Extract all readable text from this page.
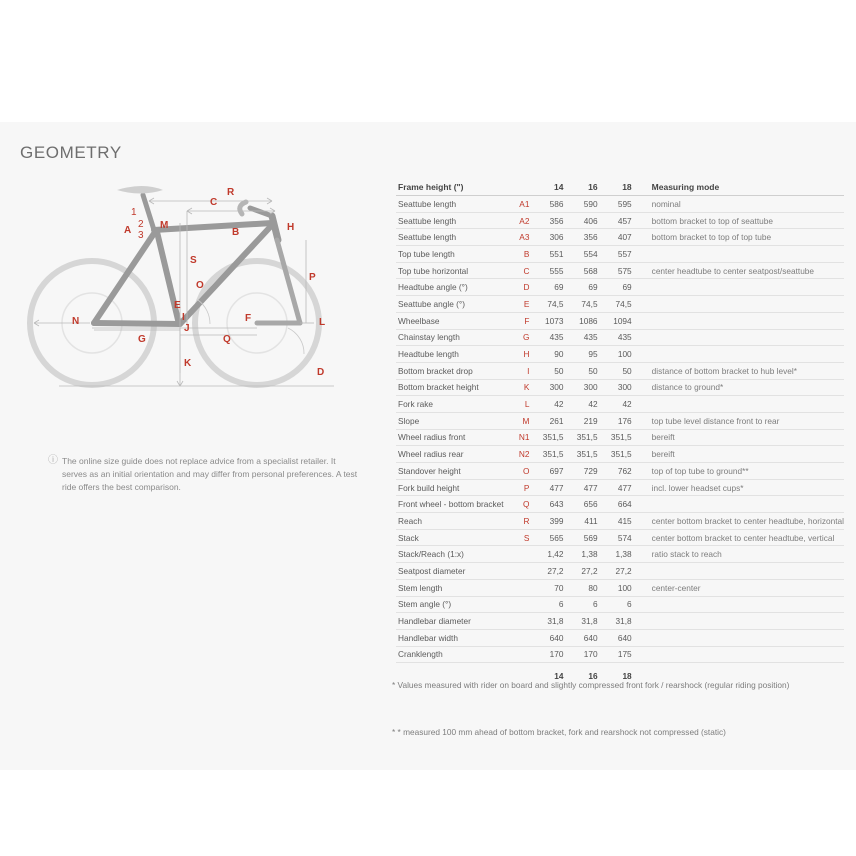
GEOMETRY
1
2
3
A	M
C
R
B	H
S
O
P
E
N
G
I	F
Q
L
K
D
J
ⓘ The online size guide does not replace advice from a specialist retailer. It serves as an initial orientation and may differ from personal preferences. A test ride offers the best comparison.
Frame height (")		14	16	18	Measuring mode
Seattube length	A1	586	590	595	nominal
Seattube length	A2	356	406	457	bottom bracket to top of seattube
Seattube length	A3	306	356	407	bottom bracket to top of top tube
Top tube length	B	551	554	557	
Top tube horizontal	C	555	568	575	center headtube to center seatpost/seattube
Headtube angle (°)	D	69	69	69	
Seattube angle (°)	E	74,5	74,5	74,5	
Wheelbase	F	1073	1086	1094	
Chainstay length	G	435	435	435	
Headtube length	H	90	95	100	
Bottom bracket drop	I	50	50	50	distance of bottom bracket to hub level*
Bottom bracket height	K	300	300	300	distance to ground*
Fork rake	L	42	42	42	
Slope	M	261	219	176	top tube level distance front to rear
Wheel radius front	N1	351,5	351,5	351,5	bereift
Wheel radius rear	N2	351,5	351,5	351,5	bereift
Standover height	O	697	729	762	top of top tube to ground**
Fork build height	P	477	477	477	incl. lower headset cups*
Front wheel - bottom bracket	Q	643	656	664	
Reach	R	399	411	415	center bottom bracket to center headtube, horizontal
Stack	S	565	569	574	center bottom bracket to center headtube, vertical
Stack/Reach (1:x)		1,42	1,38	1,38	ratio stack to reach
Seatpost diameter		27,2	27,2	27,2	
Stem length		70	80	100	center-center
Stem angle (°)		6	6	6	
Handlebar diameter		31,8	31,8	31,8	
Handlebar width		640	640	640	
Cranklength		170	170	175	
		14	16	18	
* Values measured with rider on board and slightly compressed front fork / rearshock (regular riding position)
* * measured 100 mm ahead of bottom bracket, fork and rearshock not compressed (static)
